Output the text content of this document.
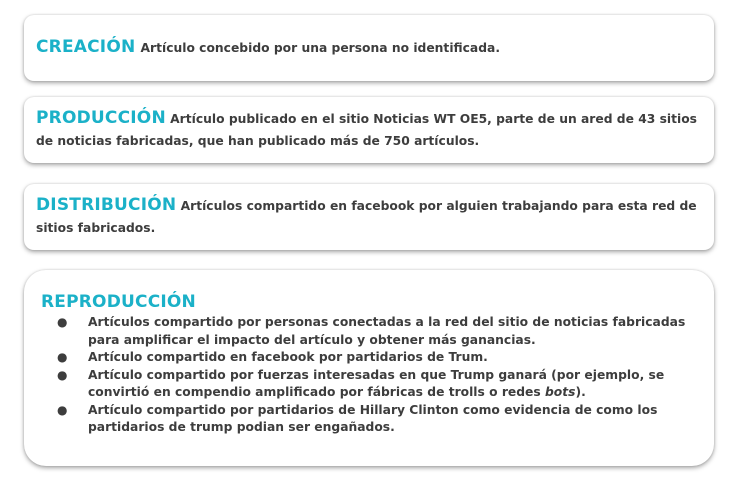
CREACIÓN Artículo concebido por una persona no identificada.
PRODUCCIÓN Artículo publicado en el sitio Noticias WT OE5, parte de un ared de 43 sitios de noticias fabricadas, que han publicado más de 750 artículos.
DISTRIBUCIÓN Artículos compartido en facebook por alguien trabajando para esta red de sitios fabricados.
REPRODUCCIÓN
● Artículos compartido por personas conectadas a la red del sitio de noticias fabricadas para amplificar el impacto del artículo y obtener más ganancias.
● Artículo compartido en facebook por partidarios de Trum.
● Artículo compartido por fuerzas interesadas en que Trump ganará (por ejemplo, se convirtió en compendio amplificado por fábricas de trolls o redes bots).
● Artículo compartido por partidarios de Hillary Clinton como evidencia de como los partidarios de trump podian ser engañados.
